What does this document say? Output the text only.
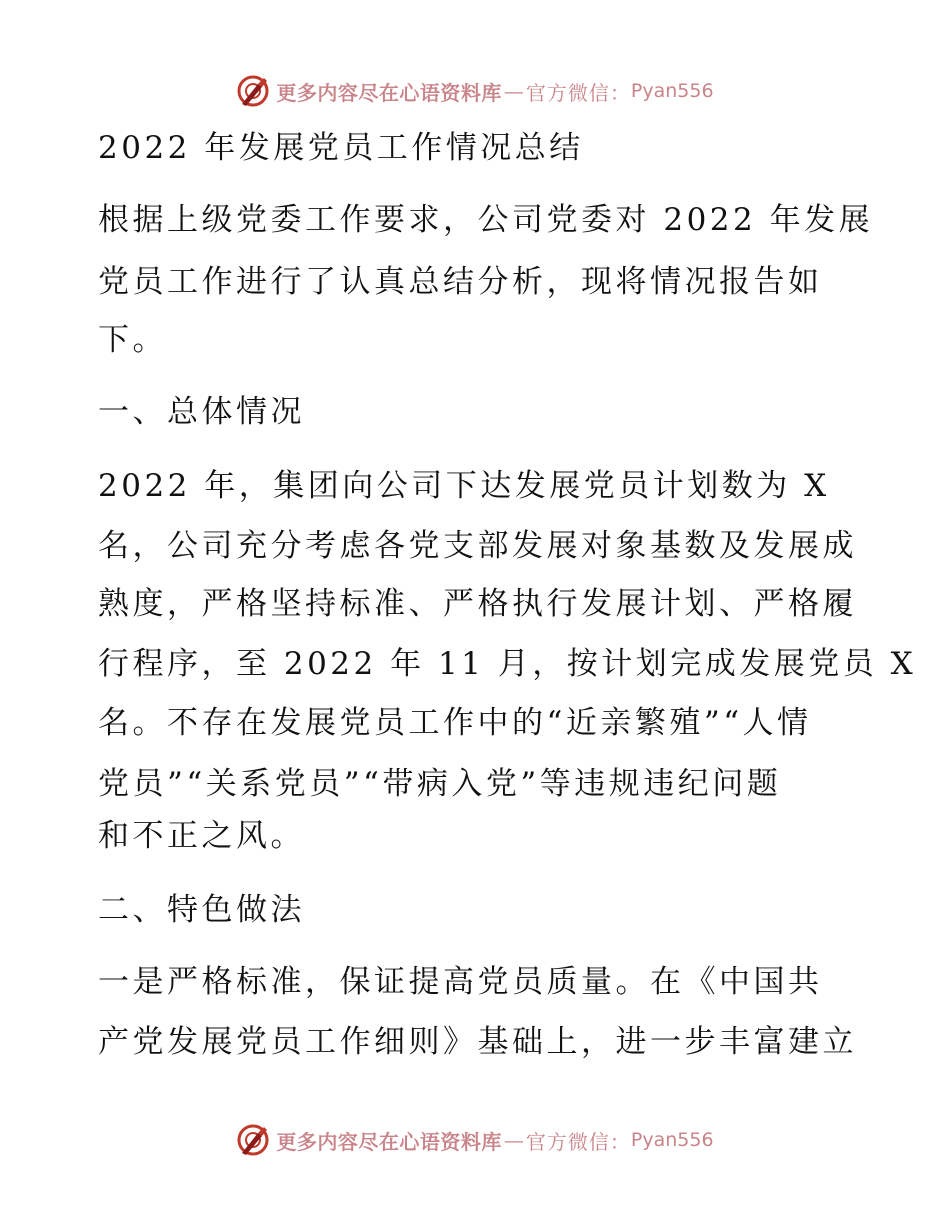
更多内容尽在心语资料库 — 官方微信： Pyan556
2022 年发展党员工作情况总结
根据上级党委工作要求，公司党委对 2022 年发展
党员工作进行了认真总结分析，现将情况报告如
下。
一、总体情况
2022 年，集团向公司下达发展党员计划数为 X
名，公司充分考虑各党支部发展对象基数及发展成
熟度，严格坚持标准、严格执行发展计划、严格履
行程序，至 2022 年 11 月，按计划完成发展党员 X
名。不存在发展党员工作中的“近亲繁殖”“人情
党员”“关系党员”“带病入党”等违规违纪问题
和不正之风。
二、特色做法
一是严格标准，保证提高党员质量。在《中国共
产党发展党员工作细则》基础上，进一步丰富建立
更多内容尽在心语资料库 — 官方微信： Pyan556
